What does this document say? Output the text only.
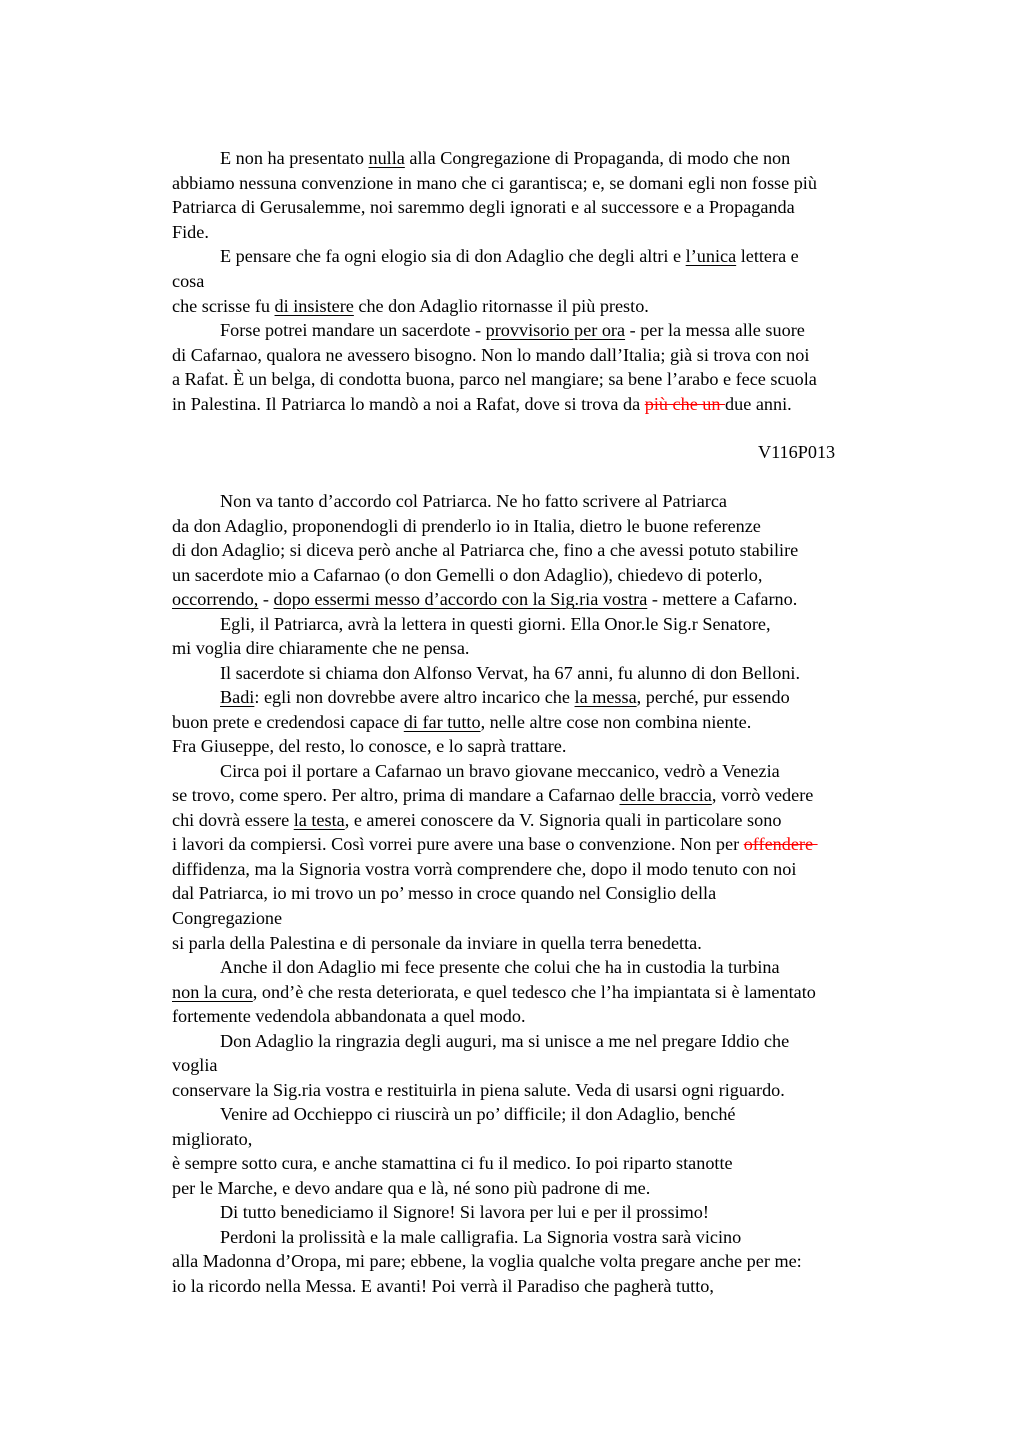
E non ha presentato nulla alla Congregazione di Propaganda, di modo che non
abbiamo nessuna convenzione in mano che ci garantisca; e, se domani egli non fosse più
Patriarca di Gerusalemme, noi saremmo degli ignorati e al successore e a Propaganda
Fide.
E pensare che fa ogni elogio sia di don Adaglio che degli altri e l’unica lettera e
cosa
che scrisse fu di insistere che don Adaglio ritornasse il più presto.
Forse potrei mandare un sacerdote - provvisorio per ora - per la messa alle suore
di Cafarnao, qualora ne avessero bisogno. Non lo mando dall’Italia; già si trova con noi
a Rafat. È un belga, di condotta buona, parco nel mangiare; sa bene l’arabo e fece scuola
in Palestina. Il Patriarca lo mandò a noi a Rafat, dove si trova da più che un due anni.
V116P013
Non va tanto d’accordo col Patriarca. Ne ho fatto scrivere al Patriarca
da don Adaglio, proponendogli di prenderlo io in Italia, dietro le buone referenze
di don Adaglio; si diceva però anche al Patriarca che, fino a che avessi potuto stabilire
un sacerdote mio a Cafarnao (o don Gemelli o don Adaglio), chiedevo di poterlo,
occorrendo, - dopo essermi messo d’accordo con la Sig.ria vostra - mettere a Cafarno.
Egli, il Patriarca, avrà la lettera in questi giorni. Ella Onor.le Sig.r Senatore,
mi voglia dire chiaramente che ne pensa.
Il sacerdote si chiama don Alfonso Vervat, ha 67 anni, fu alunno di don Belloni.
Badi: egli non dovrebbe avere altro incarico che la messa, perché, pur essendo
buon prete e credendosi capace di far tutto, nelle altre cose non combina niente.
Fra Giuseppe, del resto, lo conosce, e lo saprà trattare.
Circa poi il portare a Cafarnao un bravo giovane meccanico, vedrò a Venezia
se trovo, come spero. Per altro, prima di mandare a Cafarnao delle braccia, vorrò vedere
chi dovrà essere la testa, e amerei conoscere da V. Signoria quali in particolare sono
i lavori da compiersi. Così vorrei pure avere una base o convenzione. Non per offendere
diffidenza, ma la Signoria vostra vorrà comprendere che, dopo il modo tenuto con noi
dal Patriarca, io mi trovo un po’ messo in croce quando nel Consiglio della
Congregazione
si parla della Palestina e di personale da inviare in quella terra benedetta.
Anche il don Adaglio mi fece presente che colui che ha in custodia la turbina
non la cura, ond’è che resta deteriorata, e quel tedesco che l’ha impiantata si è lamentato
fortemente vedendola abbandonata a quel modo.
Don Adaglio la ringrazia degli auguri, ma si unisce a me nel pregare Iddio che
voglia
conservare la Sig.ria vostra e restituirla in piena salute. Veda di usarsi ogni riguardo.
Venire ad Occhieppo ci riuscirà un po’ difficile; il don Adaglio, benché
migliorato,
è sempre sotto cura, e anche stamattina ci fu il medico. Io poi riparto stanotte
per le Marche, e devo andare qua e là, né sono più padrone di me.
Di tutto benediciamo il Signore! Si lavora per lui e per il prossimo!
Perdoni la prolissità e la male calligrafia. La Signoria vostra sarà vicino
alla Madonna d’Oropa, mi pare; ebbene, la voglia qualche volta pregare anche per me:
io la ricordo nella Messa. E avanti! Poi verrà il Paradiso che pagherà tutto,
